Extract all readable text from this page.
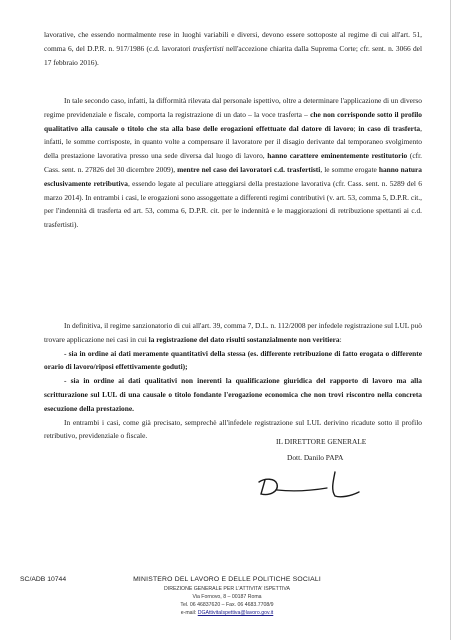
lavorative, che essendo normalmente rese in luoghi variabili e diversi, devono essere sottoposte al regime di cui all'art. 51, comma 6, del D.P.R. n. 917/1986 (c.d. lavoratori trasfertisti nell'accezione chiarita dalla Suprema Corte; cfr. sent. n. 3066 del 17 febbraio 2016).

In tale secondo caso, infatti, la difformità rilevata dal personale ispettivo, oltre a determinare l'applicazione di un diverso regime previdenziale e fiscale, comporta la registrazione di un dato – la voce trasferta – che non corrisponde sotto il profilo qualitativo alla causale o titolo che sta alla base delle erogazioni effettuate dal datore di lavoro; in caso di trasferta, infatti, le somme corrisposte, in quanto volte a compensare il lavoratore per il disagio derivante dal temporaneo svolgimento della prestazione lavorativa presso una sede diversa dal luogo di lavoro, hanno carattere eminentemente restitutorio (cfr. Cass. sent. n. 27826 del 30 dicembre 2009), mentre nel caso dei lavoratori c.d. trasfertisti, le somme erogate hanno natura esclusivamente retributiva, essendo legate al peculiare atteggiarsi della prestazione lavorativa (cfr. Cass. sent. n. 5289 del 6 marzo 2014). In entrambi i casi, le erogazioni sono assoggettate a differenti regimi contributivi (v. art. 53, comma 5, D.P.R. cit., per l'indennità di trasferta ed art. 53, comma 6, D.P.R. cit. per le indennità e le maggiorazioni di retribuzione spettanti ai c.d. trasfertisti).

In definitiva, il regime sanzionatorio di cui all'art. 39, comma 7, D.L. n. 112/2008 per infedele registrazione sul LUL può trovare applicazione nei casi in cui la registrazione del dato risulti sostanzialmente non veritiera:

- sia in ordine ai dati meramente quantitativi della stessa (es. differente retribuzione di fatto erogata o differente orario di lavoro/riposi effettivamente goduti);

- sia in ordine ai dati qualitativi non inerenti la qualificazione giuridica del rapporto di lavoro ma alla scritturazione sul LUL di una causale o titolo fondante l'erogazione economica che non trovi riscontro nella concreta esecuzione della prestazione.

In entrambi i casi, come già precisato, semprechè all'infedele registrazione sul LUL derivino ricadute sotto il profilo retributivo, previdenziale o fiscale.

IL DIRETTORE GENERALE
Dott. Danilo PAPA
SC/ADB 10744	MINISTERO DEL LAVORO E DELLE POLITICHE SOCIALI
DIREZIONE GENERALE PER L'ATTIVITA' ISPETTIVA
Via Fornovo, 8 – 00187 Roma
Tel. 06 46837620 – Fax. 06 4683.7708/9
e-mail: DGAttivitaIspettiva@lavoro.gov.it
